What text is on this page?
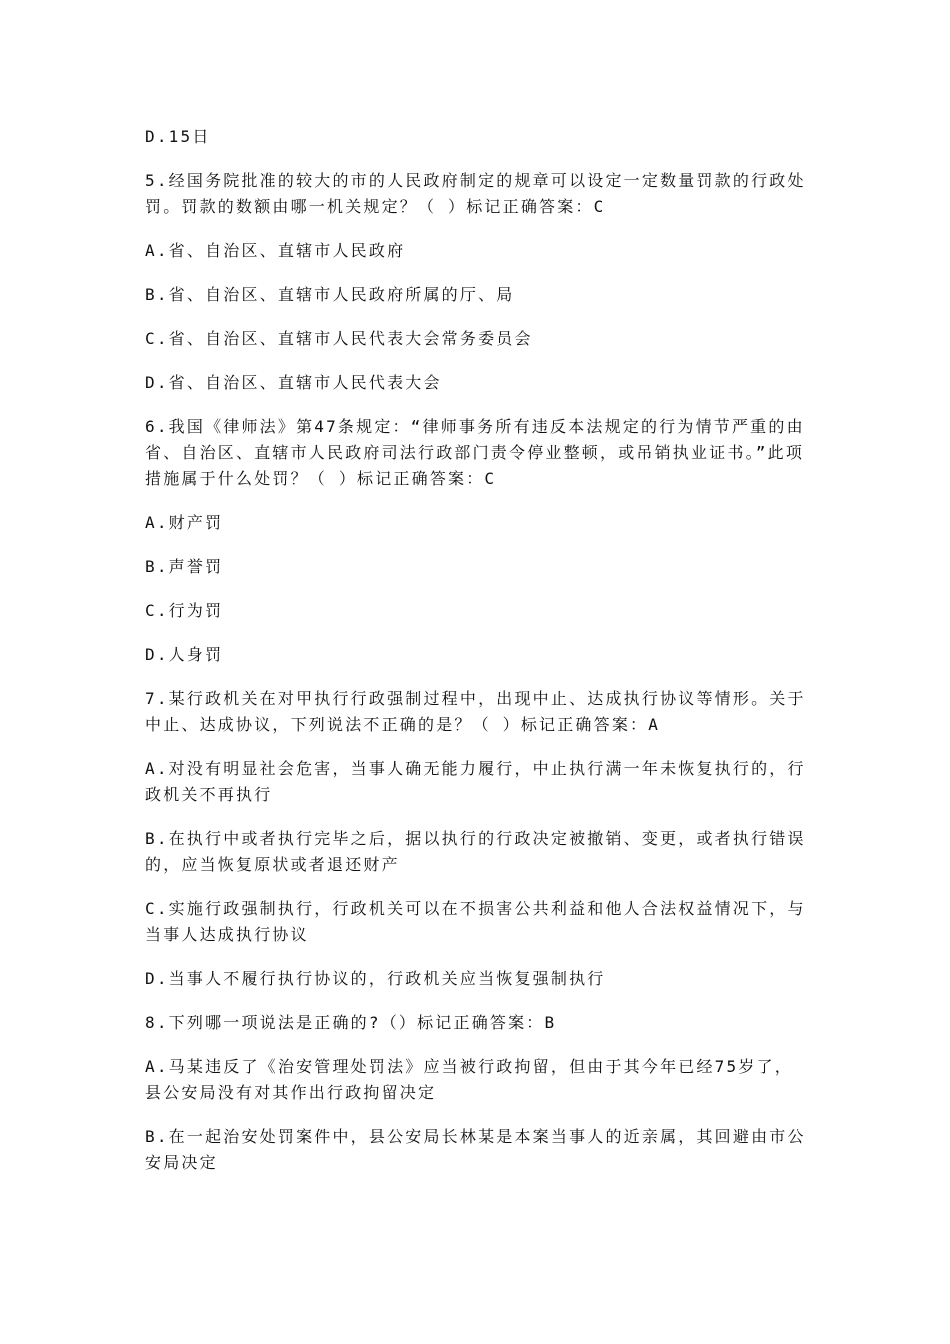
D.15日

5.经国务院批准的较大的市的人民政府制定的规章可以设定一定数量罚款的行政处罚。罚款的数额由哪一机关规定？（ ）标记正确答案：C

A.省、自治区、直辖市人民政府

B.省、自治区、直辖市人民政府所属的厅、局

C.省、自治区、直辖市人民代表大会常务委员会

D.省、自治区、直辖市人民代表大会

6.我国《律师法》第47条规定：“律师事务所有违反本法规定的行为情节严重的由省、自治区、直辖市人民政府司法行政部门责令停业整顿，或吊销执业证书。”此项措施属于什么处罚？（ ）标记正确答案：C

A.财产罚

B.声誉罚

C.行为罚

D.人身罚

7.某行政机关在对甲执行行政强制过程中，出现中止、达成执行协议等情形。关于中止、达成协议，下列说法不正确的是？（ ）标记正确答案：A

A.对没有明显社会危害，当事人确无能力履行，中止执行满一年未恢复执行的，行政机关不再执行

B.在执行中或者执行完毕之后，据以执行的行政决定被撤销、变更，或者执行错误的，应当恢复原状或者退还财产

C.实施行政强制执行，行政机关可以在不损害公共利益和他人合法权益情况下，与当事人达成执行协议

D.当事人不履行执行协议的，行政机关应当恢复强制执行

8.下列哪一项说法是正确的?（）标记正确答案：B

A.马某违反了《治安管理处罚法》应当被行政拘留，但由于其今年已经75岁了，县公安局没有对其作出行政拘留决定

B.在一起治安处罚案件中，县公安局长林某是本案当事人的近亲属，其回避由市公安局决定
